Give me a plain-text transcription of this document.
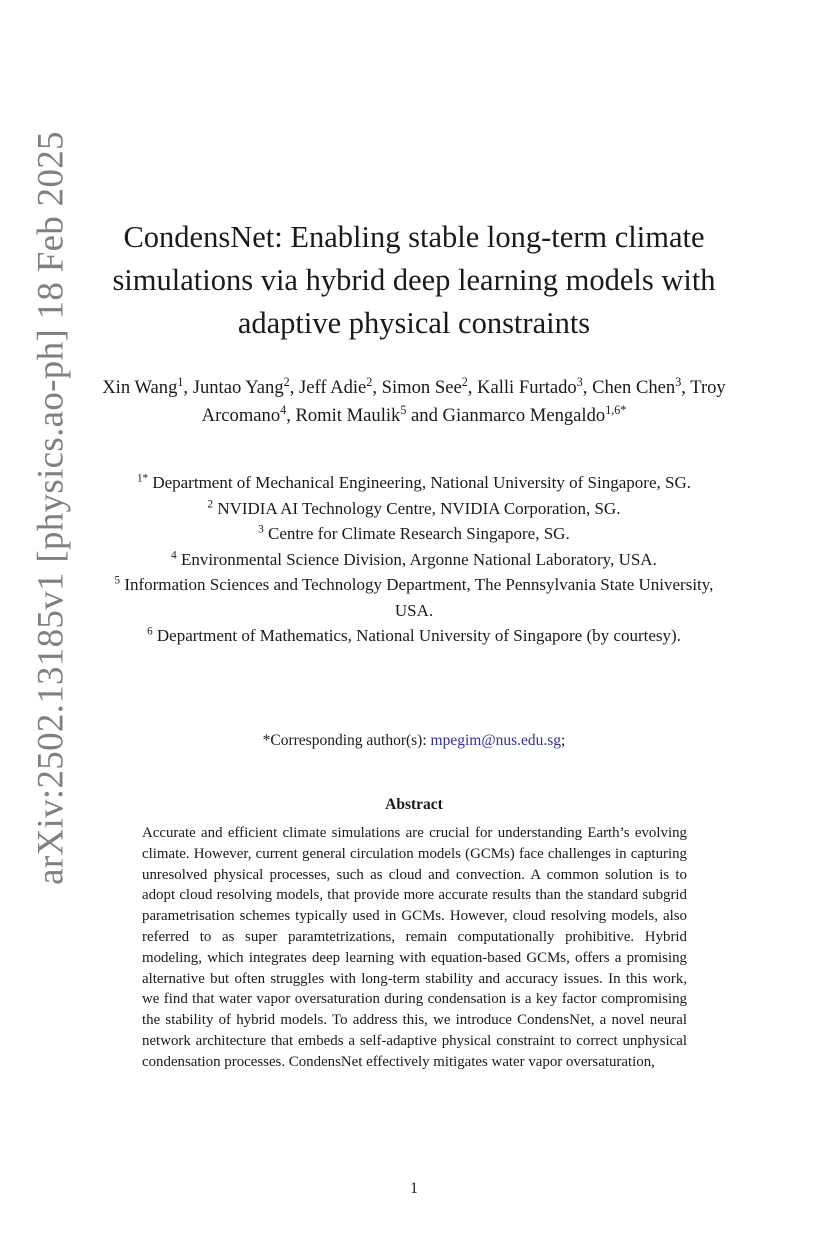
arXiv:2502.13185v1 [physics.ao-ph] 18 Feb 2025	CondensNet: Enabling stable long-term climate simulations via hybrid deep learning models with adaptive physical constraints
Xin Wang$^1$, Juntao Yang$^2$, Jeff Adie$^2$, Simon See$^2$, Kalli Furtado$^3$, Chen Chen$^3$, Troy Arcomano$^4$, Romit Maulik$^5$ and Gianmarco Mengaldo$^{1,6*}$
$^{1*}$ Department of Mechanical Engineering, National University of Singapore, SG.
$^2$ NVIDIA AI Technology Centre, NVIDIA Corporation, SG.
$^3$ Centre for Climate Research Singapore, SG.
$^4$ Environmental Science Division, Argonne National Laboratory, USA.
$^5$ Information Sciences and Technology Department, The Pennsylvania State University, USA.
$^6$ Department of Mathematics, National University of Singapore (by courtesy).
*Corresponding author(s): mpegim@nus.edu.sg;
Abstract

Accurate and efficient climate simulations are crucial for understanding Earth’s evolving climate. However, current general circulation models (GCMs) face challenges in capturing unresolved physical processes, such as cloud and convection. A common solution is to adopt cloud resolving models, that provide more accurate results than the standard subgrid parametrisation schemes typically used in GCMs. However, cloud resolving models, also referred to as super paramtetrizations, remain computationally prohibitive. Hybrid modeling, which integrates deep learning with equation-based GCMs, offers a promising alternative but often struggles with long-term stability and accuracy issues. In this work, we find that water vapor oversaturation during condensation is a key factor compromising the stability of hybrid models. To address this, we introduce CondensNet, a novel neural network architecture that embeds a self-adaptive physical constraint to correct unphysical condensation processes. CondensNet effectively mitigates water vapor oversaturation,

1
